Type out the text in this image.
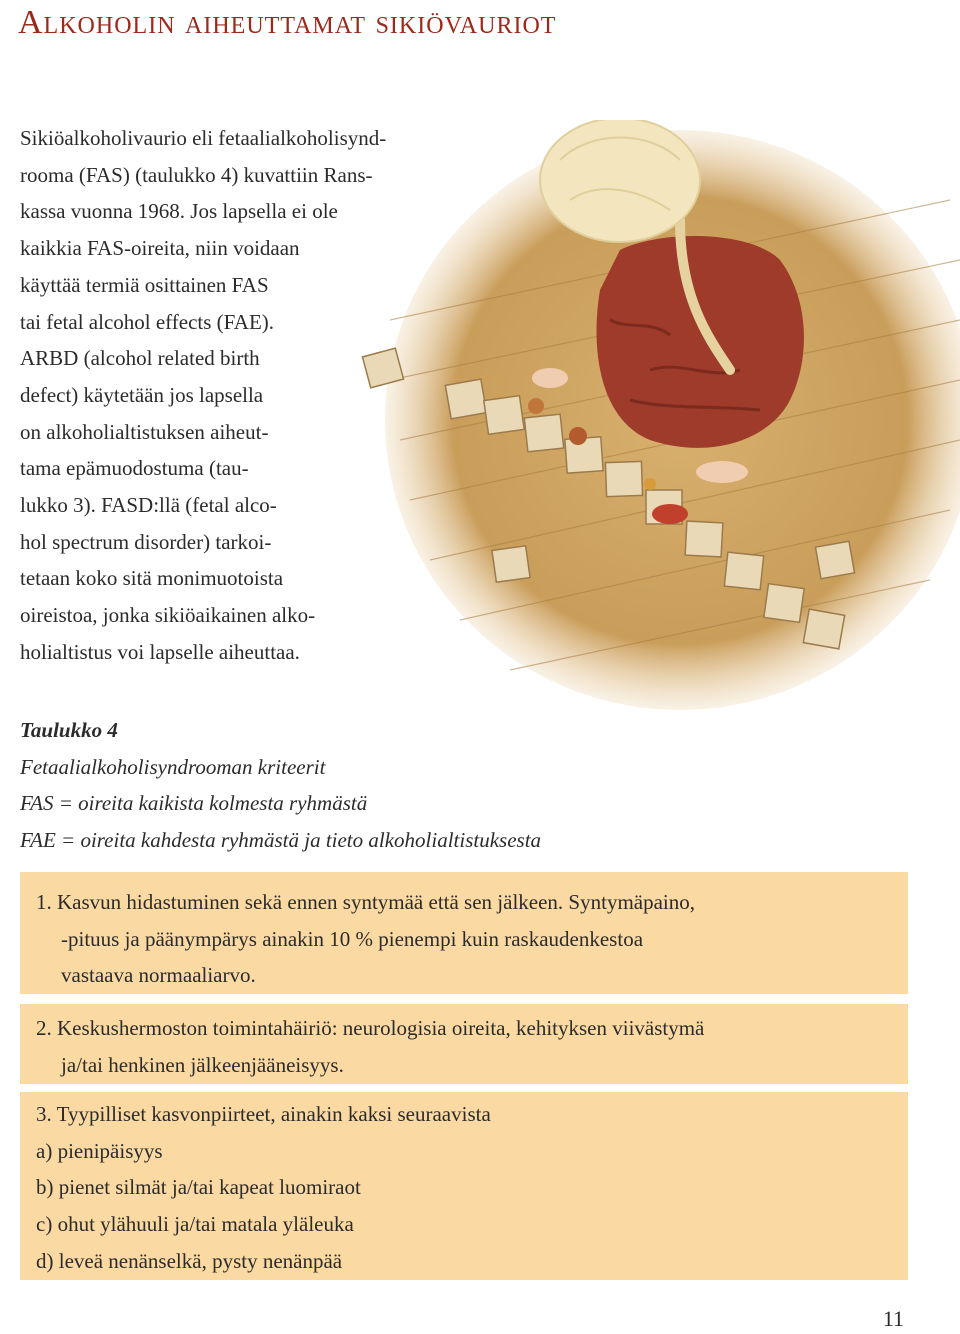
Alkoholin aiheuttamat sikiövauriot
Sikiöalkoholivaurio eli fetaalialkoholisynd-
rooma (FAS) (taulukko 4) kuvattiin Rans-
kassa vuonna 1968. Jos lapsella ei ole
kaikkia FAS-oireita, niin voidaan
käyttää termiä osittainen FAS
tai fetal alcohol effects (FAE).
ARBD (alcohol related birth
defect) käytetään jos lapsella
on alkoholialtistuksen aiheut-
tama epämuodostuma (tau-
lukko 3). FASD:llä (fetal alco-
hol spectrum disorder) tarkoi-
tetaan koko sitä monimuotoista
oireistoa, jonka sikiöaikainen alko-
holialtistus voi lapselle aiheuttaa.
Taulukko 4
Fetaalialkoholisyndrooman kriteerit
FAS = oireita kaikista kolmesta ryhmästä
FAE = oireita kahdesta ryhmästä ja tieto alkoholialtistuksesta
1. Kasvun hidastuminen sekä ennen syntymää että sen jälkeen. Syntymäpaino,
-pituus ja päänympärys ainakin 10 % pienempi kuin raskaudenkestoa
vastaava normaaliarvo.
2. Keskushermoston toimintahäiriö: neurologisia oireita, kehityksen viivästymä
ja/tai henkinen jälkeenjääneisyys.
3. Tyypilliset kasvonpiirteet, ainakin kaksi seuraavista
a) pienipäisyys
b) pienet silmät ja/tai kapeat luomiraot
c) ohut ylähuuli ja/tai matala yläleuka
d) leveä nenänselkä, pysty nenänpää
11
